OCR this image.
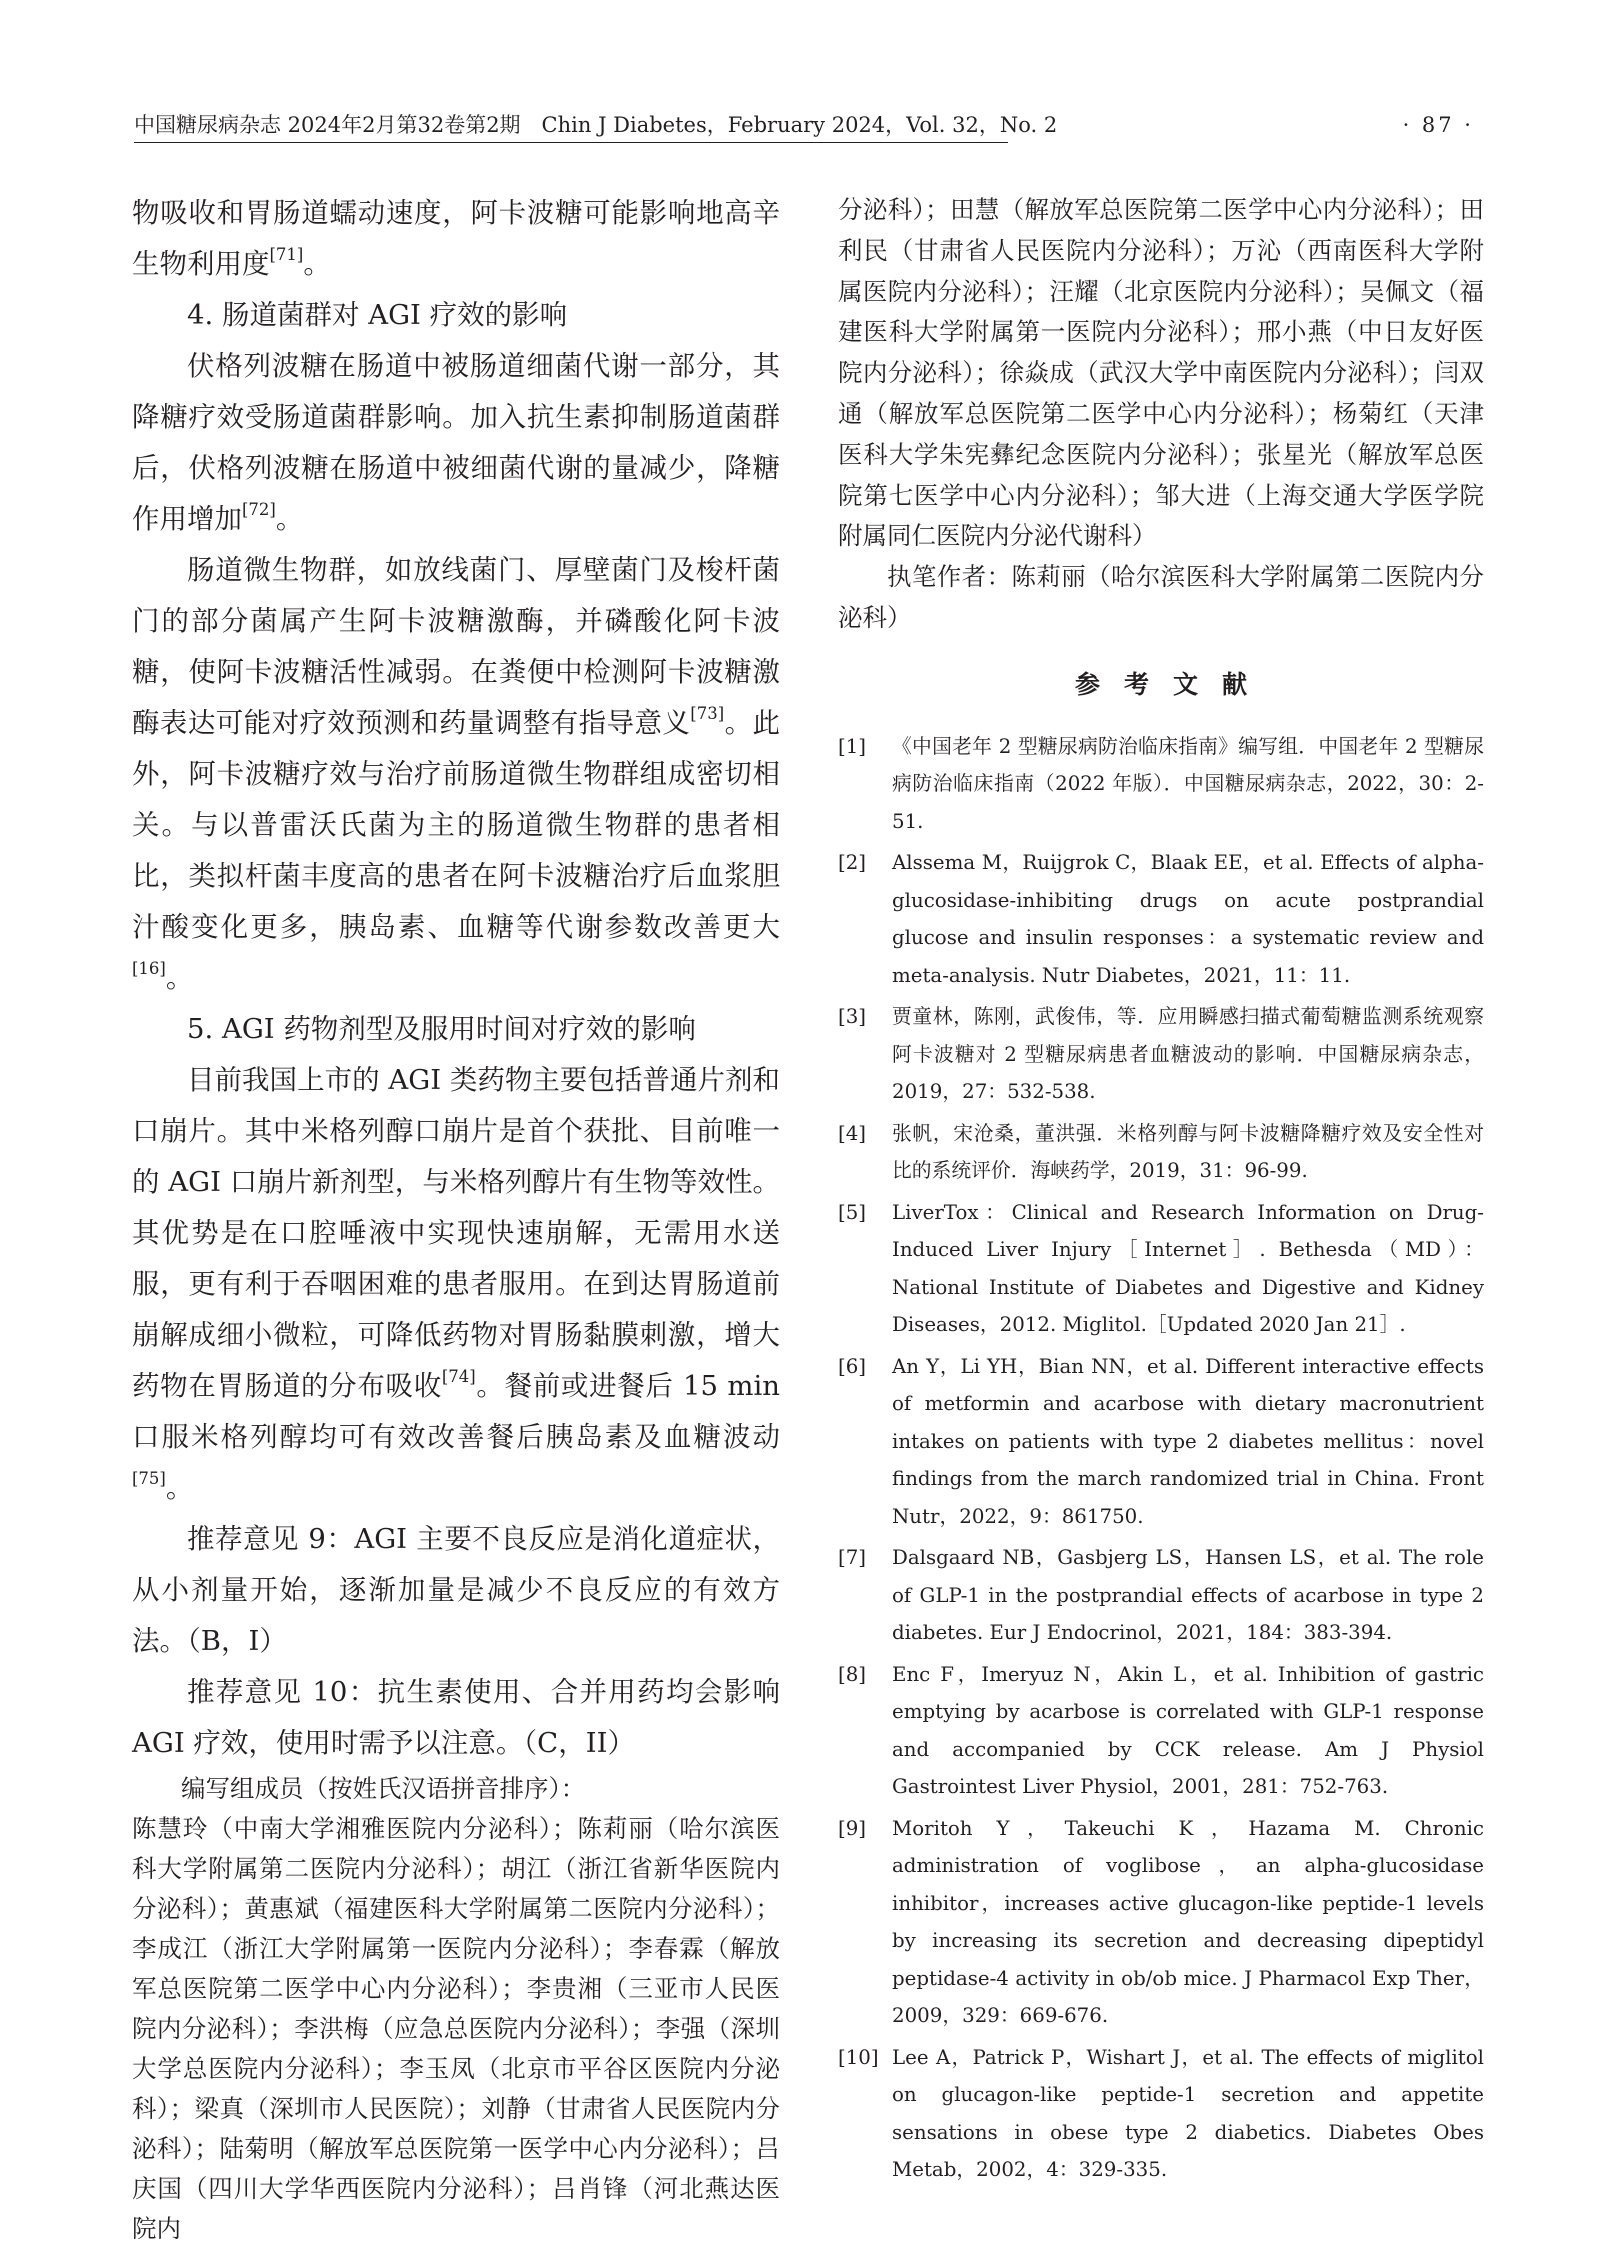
中国糖尿病杂志 2024年2月第32卷第2期　Chin J Diabetes，February 2024，Vol. 32，No. 2	· 87 ·

物吸收和胃肠道蠕动速度，阿卡波糖可能影响地高辛生物利用度[71]。

4. 肠道菌群对 AGI 疗效的影响

伏格列波糖在肠道中被肠道细菌代谢一部分，其降糖疗效受肠道菌群影响。加入抗生素抑制肠道菌群后，伏格列波糖在肠道中被细菌代谢的量减少，降糖作用增加[72]。

肠道微生物群，如放线菌门、厚壁菌门及梭杆菌门的部分菌属产生阿卡波糖激酶，并磷酸化阿卡波糖，使阿卡波糖活性减弱。在粪便中检测阿卡波糖激酶表达可能对疗效预测和药量调整有指导意义[73]。此外，阿卡波糖疗效与治疗前肠道微生物群组成密切相关。与以普雷沃氏菌为主的肠道微生物群的患者相比，类拟杆菌丰度高的患者在阿卡波糖治疗后血浆胆汁酸变化更多，胰岛素、血糖等代谢参数改善更大[16]。

5. AGI 药物剂型及服用时间对疗效的影响

目前我国上市的 AGI 类药物主要包括普通片剂和口崩片。其中米格列醇口崩片是首个获批、目前唯一的 AGI 口崩片新剂型，与米格列醇片有生物等效性。其优势是在口腔唾液中实现快速崩解，无需用水送服，更有利于吞咽困难的患者服用。在到达胃肠道前崩解成细小微粒，可降低药物对胃肠黏膜刺激，增大药物在胃肠道的分布吸收[74]。餐前或进餐后 15 min 口服米格列醇均可有效改善餐后胰岛素及血糖波动[75]。

推荐意见 9：AGI 主要不良反应是消化道症状，从小剂量开始，逐渐加量是减少不良反应的有效方法。（B，I）

推荐意见 10：抗生素使用、合并用药均会影响 AGI 疗效，使用时需予以注意。（C，II）

编写组成员（按姓氏汉语拼音排序）：

陈慧玲（中南大学湘雅医院内分泌科）；陈莉丽（哈尔滨医科大学附属第二医院内分泌科）；胡江（浙江省新华医院内分泌科）；黄惠斌（福建医科大学附属第二医院内分泌科）；李成江（浙江大学附属第一医院内分泌科）；李春霖（解放军总医院第二医学中心内分泌科）；李贵湘（三亚市人民医院内分泌科）；李洪梅（应急总医院内分泌科）；李强（深圳大学总医院内分泌科）；李玉凤（北京市平谷区医院内分泌科）；梁真（深圳市人民医院）；刘静（甘肃省人民医院内分泌科）；陆菊明（解放军总医院第一医学中心内分泌科）；吕庆国（四川大学华西医院内分泌科）；吕肖锋（河北燕达医院内

分泌科）；田慧（解放军总医院第二医学中心内分泌科）；田利民（甘肃省人民医院内分泌科）；万沁（西南医科大学附属医院内分泌科）；汪耀（北京医院内分泌科）；吴佩文（福建医科大学附属第一医院内分泌科）；邢小燕（中日友好医院内分泌科）；徐焱成（武汉大学中南医院内分泌科）；闫双通（解放军总医院第二医学中心内分泌科）；杨菊红（天津医科大学朱宪彝纪念医院内分泌科）；张星光（解放军总医院第七医学中心内分泌科）；邹大进（上海交通大学医学院附属同仁医院内分泌代谢科）

执笔作者：陈莉丽（哈尔滨医科大学附属第二医院内分泌科）

参考文献

[1] 《中国老年 2 型糖尿病防治临床指南》编写组．中国老年 2 型糖尿病防治临床指南（2022 年版）．中国糖尿病杂志，2022，30：2-51.

[2] Alssema M，Ruijgrok C，Blaak EE，et al. Effects of alpha-glucosidase-inhibiting drugs on acute postprandial glucose and insulin responses：a systematic review and meta-analysis. Nutr Diabetes，2021，11：11.

[3] 贾童林，陈刚，武俊伟，等．应用瞬感扫描式葡萄糖监测系统观察阿卡波糖对 2 型糖尿病患者血糖波动的影响．中国糖尿病杂志，2019，27：532-538.

[4] 张帆，宋沧桑，董洪强．米格列醇与阿卡波糖降糖疗效及安全性对比的系统评价．海峡药学，2019，31：96-99.

[5] LiverTox：Clinical and Research Information on Drug-Induced Liver Injury［Internet］. Bethesda（MD）：National Institute of Diabetes and Digestive and Kidney Diseases，2012. Miglitol.［Updated 2020 Jan 21］.

[6] An Y，Li YH，Bian NN，et al. Different interactive effects of metformin and acarbose with dietary macronutrient intakes on patients with type 2 diabetes mellitus：novel findings from the march randomized trial in China. Front Nutr，2022，9：861750.

[7] Dalsgaard NB，Gasbjerg LS，Hansen LS，et al. The role of GLP-1 in the postprandial effects of acarbose in type 2 diabetes. Eur J Endocrinol，2021，184：383-394.

[8] Enc F，Imeryuz N，Akin L，et al. Inhibition of gastric emptying by acarbose is correlated with GLP-1 response and accompanied by CCK release. Am J Physiol Gastrointest Liver Physiol，2001，281：752-763.

[9] Moritoh Y，Takeuchi K，Hazama M. Chronic administration of voglibose，an alpha-glucosidase inhibitor，increases active glucagon-like peptide-1 levels by increasing its secretion and decreasing dipeptidyl peptidase-4 activity in ob/ob mice. J Pharmacol Exp Ther，2009，329：669-676.

[10] Lee A，Patrick P，Wishart J，et al. The effects of miglitol on glucagon-like peptide-1 secretion and appetite sensations in obese type 2 diabetics. Diabetes Obes Metab，2002，4：329-335.
